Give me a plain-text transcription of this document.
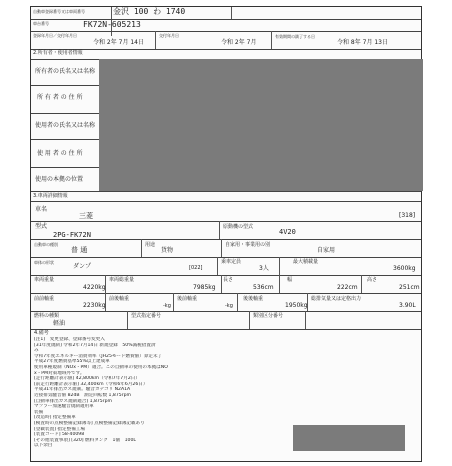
自動車登録番号又は車両番号	金沢 100 わ 1740
車台番号	FK72N-605213
登録年月日／交付年月日
令和 2年 7月 14日
交付年月日
令和 2年 7月
有効期間の満了する日
令和 8年 7月 13日
2.所有者・使用者情報
所有者の氏名又は名称
所 有 者 の 住 所
使用者の氏名又は名称
使 用 者 の 住 所
使用の本拠の位置
3.車両詳細情報
車名
三菱	[318]
型式
2PG-FK72N
原動機の型式
4V20
自動車の種別
普 通
用途
貨物
自家用・事業用の別
自家用
車体の形状
ダンプ	[022]
乗車定員
3人
最大積載量
3600kg
車両重量
4220kg
車両総重量
7985kg
長さ
536cm
幅
222cm
高さ
251cm
前前軸重
2230kg
前後軸重
-kg
後前軸重
-kg
後後軸重
1950kg
総排気量又は定格出力
3.90L
燃料の種類
軽油
型式指定番号	類別区分番号
4.備考
[注1]　変更登録、登録番号変更入
[31年度規制] 令和2年7月14日 新規登録　50%減税措置済
み
令和7年度エネルギー消費効率（JH25モード燃費値）算定未了
平成27年度燃費基準55%以上達成車
使用車種規制（NOx・PM）適合。この自動車の使用の本拠はNO
x・PM対策地域外です。
[走行距離計表示値] 42,800km（令和7年7月2日）
[前走行距離計表示値] 32,400km（令和6年6月26日）
平成31年排出ガス規制。騒音カテゴリ N2A1A
近接排気騒音値 82dB　測定回転数 1,875rpm
[自動車排出ガス規制適合] 1,875rpm
マフラー加速騒音規制適用車
装備
[改造時] 指定整備車
[検査時の点検整備記録簿等] 点検整備記録簿記載あり
[登載装置] 指定整備工場
[装置コード] 58-40098
[その他装置事項] [320] 燃料タンク　1個　100L
以下余白
